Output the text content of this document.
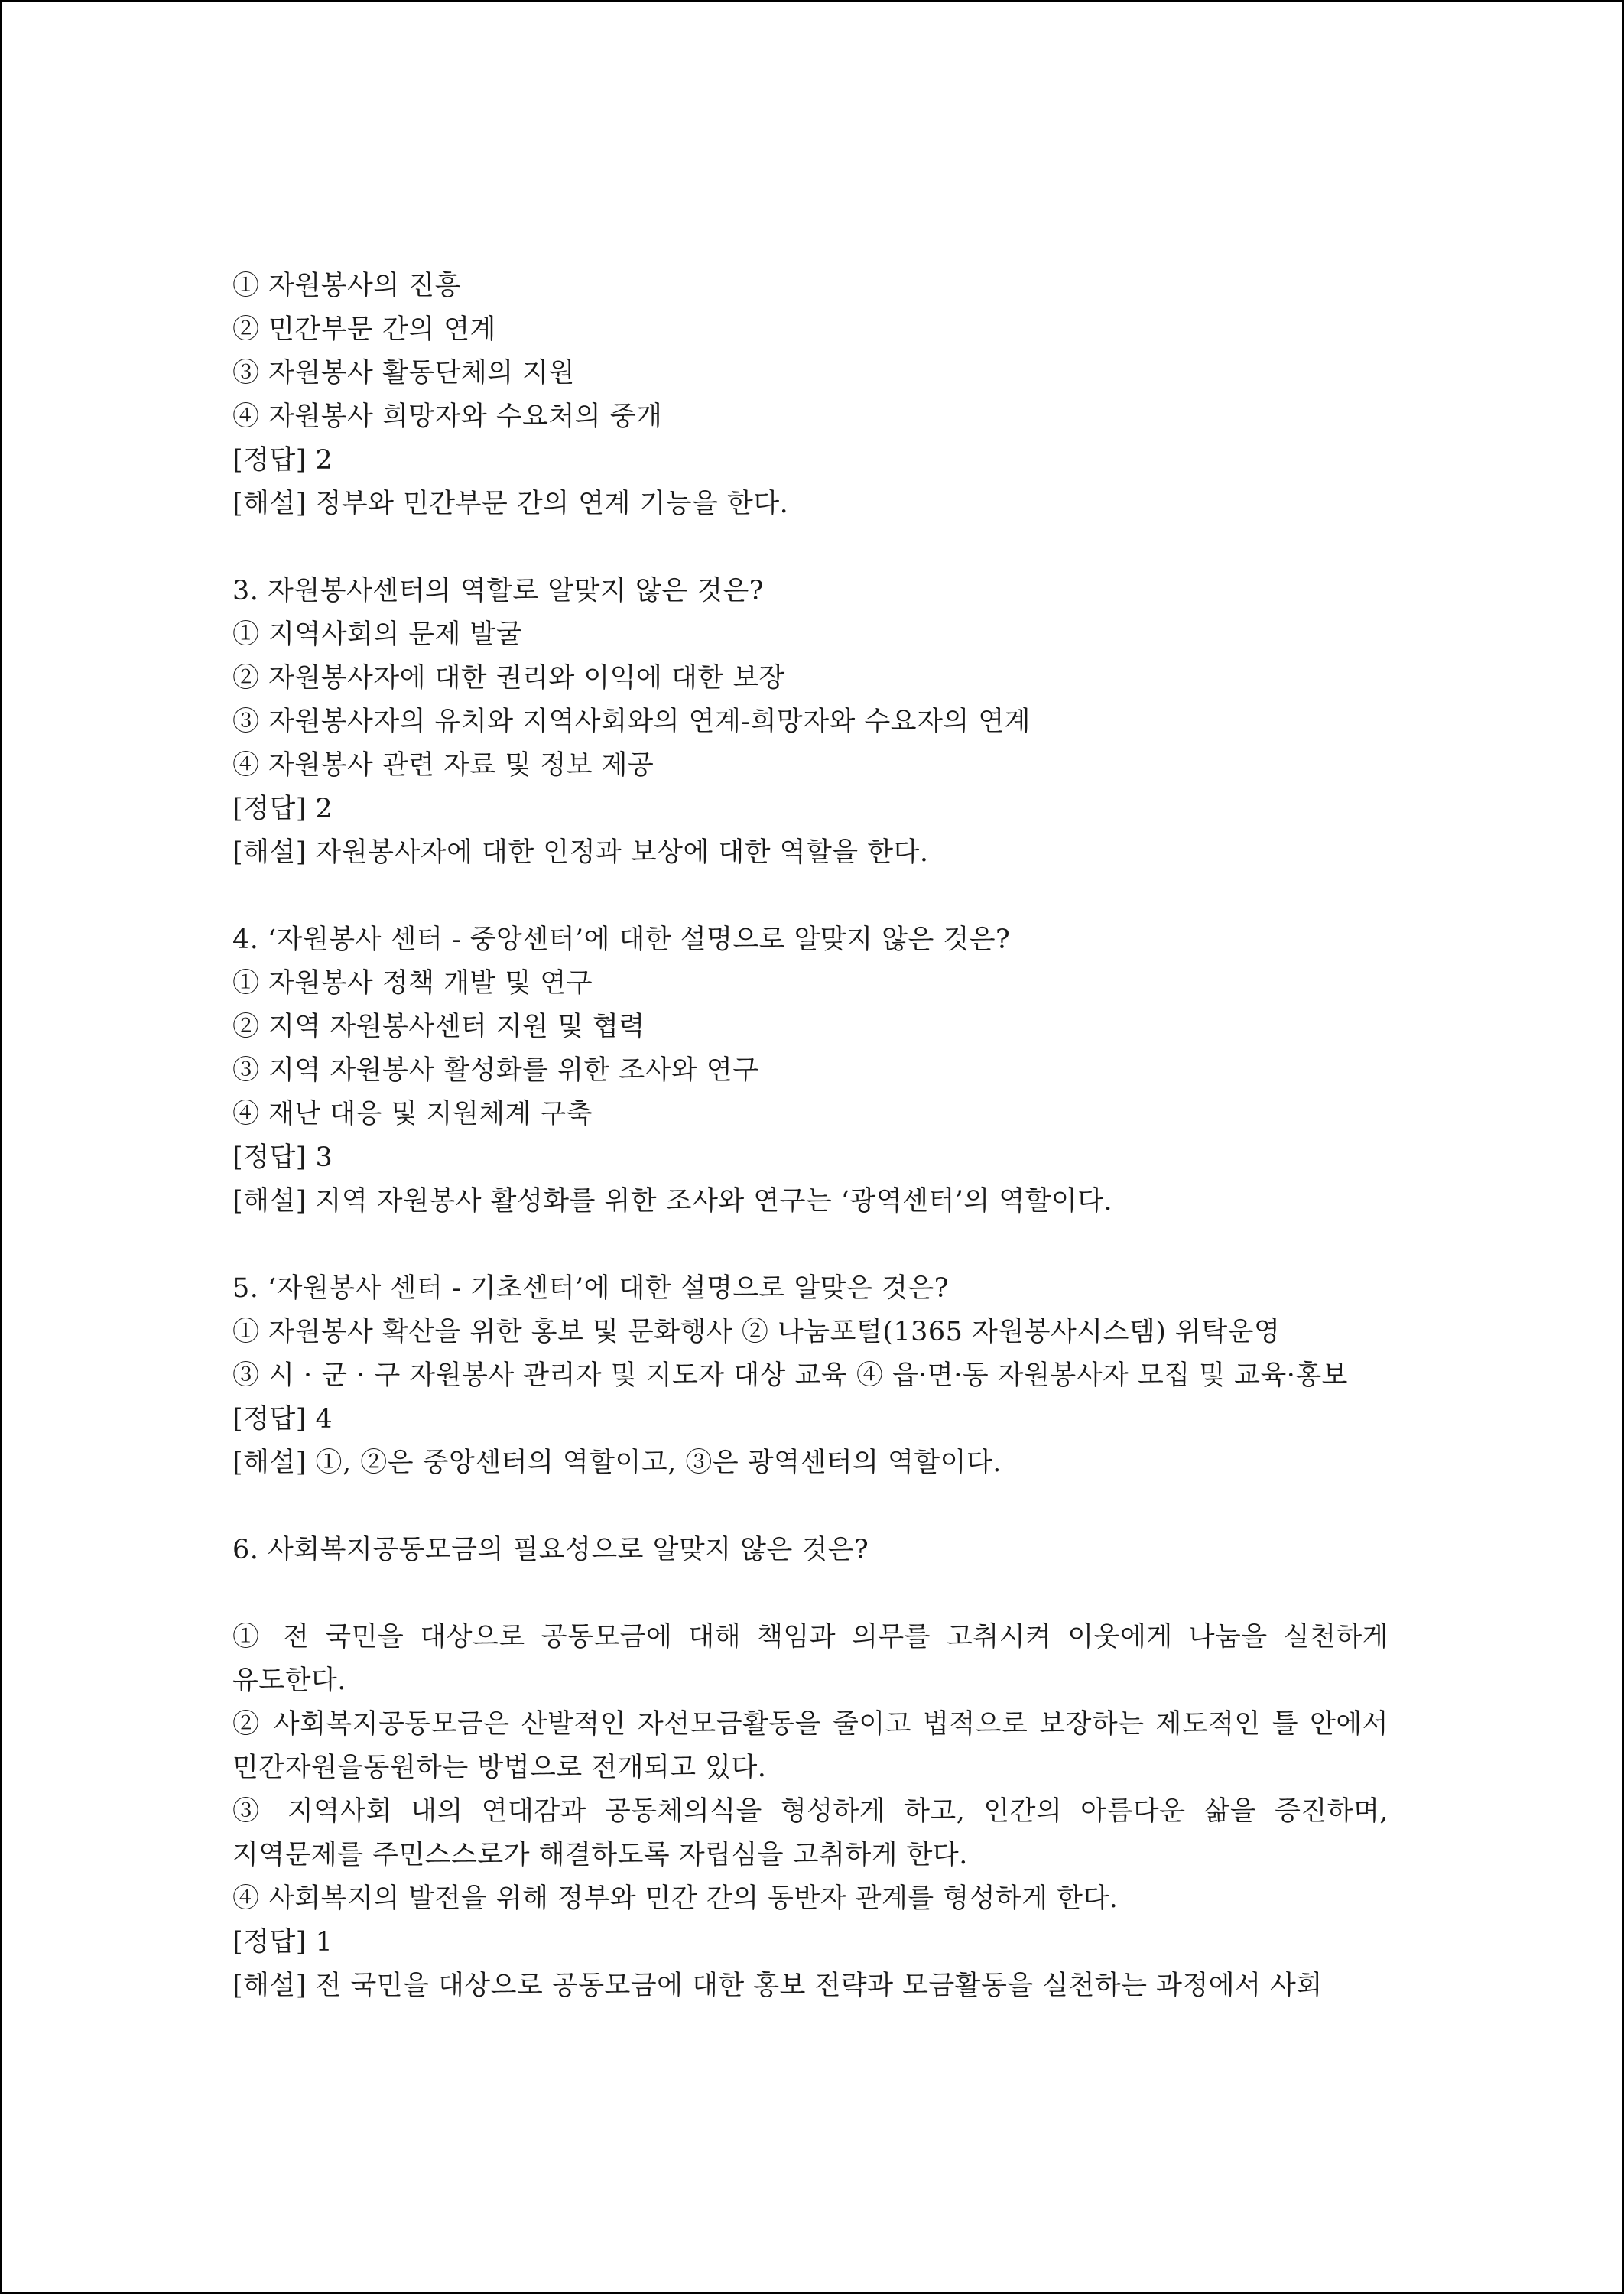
① 자원봉사의 진흥
② 민간부문 간의 연계
③ 자원봉사 활동단체의 지원
④ 자원봉사 희망자와 수요처의 중개
[정답] 2
[해설] 정부와 민간부문 간의 연계 기능을 한다.
3. 자원봉사센터의 역할로 알맞지 않은 것은?
① 지역사회의 문제 발굴
② 자원봉사자에 대한 권리와 이익에 대한 보장
③ 자원봉사자의 유치와 지역사회와의 연계-희망자와 수요자의 연계
④ 자원봉사 관련 자료 및 정보 제공
[정답] 2
[해설] 자원봉사자에 대한 인정과 보상에 대한 역할을 한다.
4. ‘자원봉사 센터 - 중앙센터’에 대한 설명으로 알맞지 않은 것은?
① 자원봉사 정책 개발 및 연구
② 지역 자원봉사센터 지원 및 협력
③ 지역 자원봉사 활성화를 위한 조사와 연구
④ 재난 대응 및 지원체계 구축
[정답] 3
[해설] 지역 자원봉사 활성화를 위한 조사와 연구는 ‘광역센터’의 역할이다.
5. ‘자원봉사 센터 - 기초센터’에 대한 설명으로 알맞은 것은?
① 자원봉사 확산을 위한 홍보 및 문화행사 ② 나눔포털(1365 자원봉사시스템) 위탁운영
③ 시 · 군 · 구 자원봉사 관리자 및 지도자 대상 교육 ④ 읍·면·동 자원봉사자 모집 및 교육·홍보
[정답] 4
[해설] ①, ②은 중앙센터의 역할이고, ③은 광역센터의 역할이다.
6. 사회복지공동모금의 필요성으로 알맞지 않은 것은?
① 전 국민을 대상으로 공동모금에 대해 책임과 의무를 고취시켜 이웃에게 나눔을 실천하게 유도한다.
② 사회복지공동모금은 산발적인 자선모금활동을 줄이고 법적으로 보장하는 제도적인 틀 안에서 민간자원을동원하는 방법으로 전개되고 있다.
③ 지역사회 내의 연대감과 공동체의식을 형성하게 하고, 인간의 아름다운 삶을 증진하며, 지역문제를 주민스스로가 해결하도록 자립심을 고취하게 한다.
④ 사회복지의 발전을 위해 정부와 민간 간의 동반자 관계를 형성하게 한다.
[정답] 1
[해설] 전 국민을 대상으로 공동모금에 대한 홍보 전략과 모금활동을 실천하는 과정에서 사회
